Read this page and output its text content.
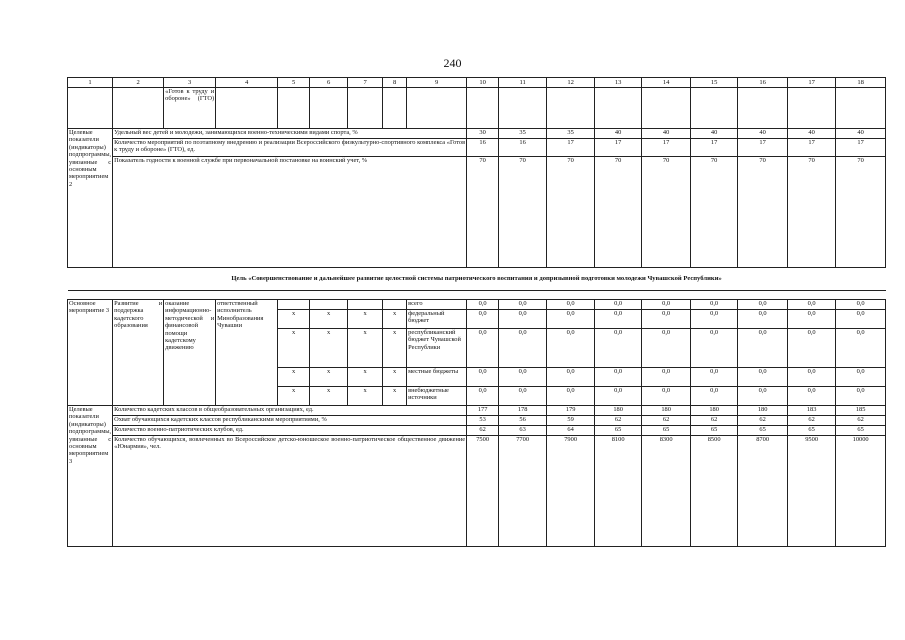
240
1	2	3	4	5	6	7	8	9	10	11	12	13	14	15	16	17	18
		«Готов к труду и обороне» (ГТО)															
Целевые показатели (индикаторы) подпрограммы, увязанные с основным мероприятием 2	Удельный вес детей и молодежи, занимающихся военно-техническими видами спорта, %								30	35	35	40	40	40	40	40	40
	Количество мероприятий по поэтапному внедрению и реализации Всероссийского физкультурно-спортивного комплекса «Готов к труду и обороне» (ГТО), ед.								16	16	17	17	17	17	17	17	17
	Показатель годности к военной службе при первоначальной постановке на воинский учет, %								70	70	70	70	70	70	70	70	70
Цель «Совершенствование и дальнейшее развитие целостной системы патриотического воспитания и допризывной подготовки молодежи Чувашской Республики»																	

Основное мероприятие 3	Развитие и поддержка кадетского образования	оказание информационно-методической и финансовой помощи кадетскому движению	ответственный исполнитель Минобразования Чувашии					всего	0,0	0,0	0,0	0,0	0,0	0,0	0,0	0,0	0,0
				x	x	x	x	федеральный бюджет	0,0	0,0	0,0	0,0	0,0	0,0	0,0	0,0	0,0
				x	x	x	x	республиканский бюджет Чувашской Республики	0,0	0,0	0,0	0,0	0,0	0,0	0,0	0,0	0,0
				x	x	x	x	местные бюджеты	0,0	0,0	0,0	0,0	0,0	0,0	0,0	0,0	0,0
				x	x	x	x	внебюджетные источники	0,0	0,0	0,0	0,0	0,0	0,0	0,0	0,0	0,0
Целевые показатели (индикаторы) подпрограммы, увязанные с основным мероприятием 3	Количество кадетских классов в общеобразовательных организациях, ед.								177	178	179	180	180	180	180	183	185
	Охват обучающихся кадетских классов республиканскими мероприятиями, %								53	56	59	62	62	62	62	62	62
	Количество военно-патриотических клубов, ед.								62	63	64	65	65	65	65	65	65
	Количество обучающихся, вовлеченных во Всероссийское детско-юношеское военно-патриотическое общественное движение «Юнармия», чел.								7500	7700	7900	8100	8300	8500	8700	9500	10000
